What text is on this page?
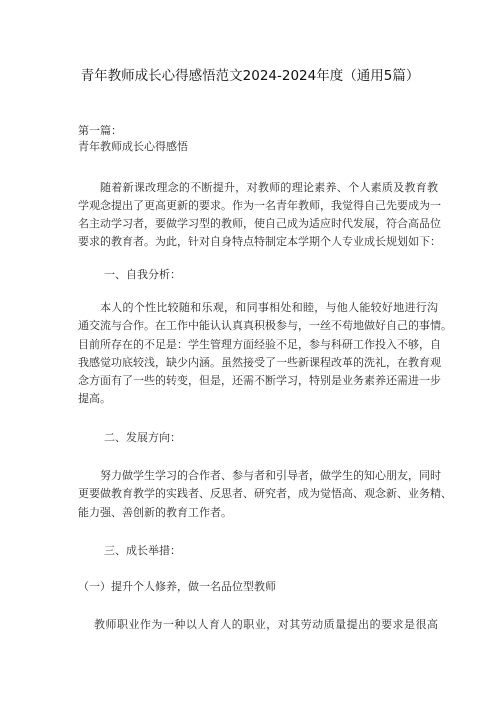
青年教师成长心得感悟范文2024-2024年度（通用5篇）
第一篇：
青年教师成长心得感悟
随着新课改理念的不断提升，对教师的理论素养、个人素质及教育教
学观念提出了更高更新的要求。作为一名青年教师，我觉得自己先要成为一
名主动学习者，要做学习型的教师，使自己成为适应时代发展，符合高品位
要求的教育者。为此，针对自身特点特制定本学期个人专业成长规划如下：
一、自我分析：
本人的个性比较随和乐观，和同事相处和睦，与他人能较好地进行沟
通交流与合作。在工作中能认认真真积极参与，一丝不苟地做好自己的事情。
目前所存在的不足是：学生管理方面经验不足，参与科研工作投入不够，自
我感觉功底较浅，缺少内涵。虽然接受了一些新课程改革的洗礼，在教育观
念方面有了一些的转变，但是，还需不断学习，特别是业务素养还需进一步
提高。
二、发展方向：
努力做学生学习的合作者、参与者和引导者，做学生的知心朋友，同时
更要做教育教学的实践者、反思者、研究者，成为觉悟高、观念新、业务精、
能力强、善创新的教育工作者。
三、成长举措：
（一）提升个人修养，做一名品位型教师
教师职业作为一种以人育人的职业，对其劳动质量提出的要求是很高
